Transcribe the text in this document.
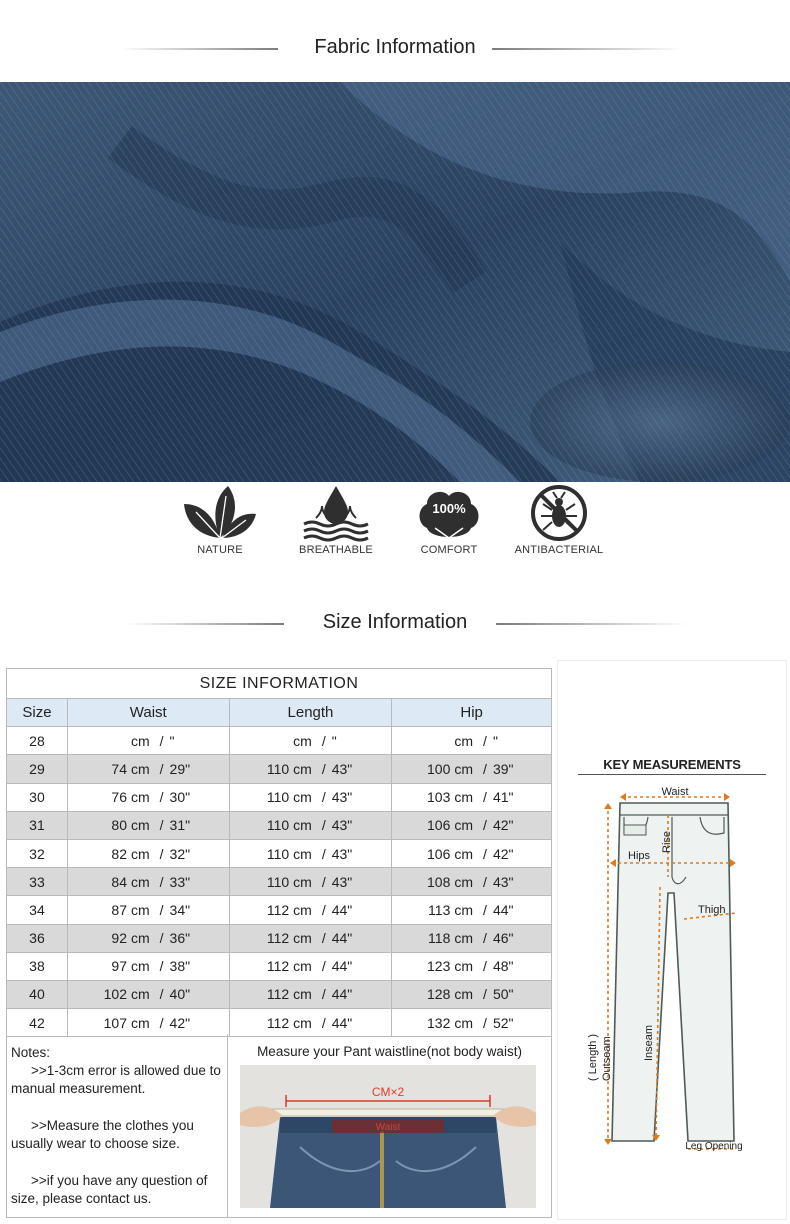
Fabric Information
NATURE	BREATHABLE
100%
COMFORT	ANTIBACTERIAL
Size Information
SIZE INFORMATION			
Size	Waist	Length	Hip
28	cm / "	cm / "	cm / "
29	74 cm / 29"	110 cm / 43"	100 cm / 39"
30	76 cm / 30"	110 cm / 43"	103 cm / 41"
31	80 cm / 31"	110 cm / 43"	106 cm / 42"
32	82 cm / 32"	110 cm / 43"	106 cm / 42"
33	84 cm / 33"	110 cm / 43"	108 cm / 43"
34	87 cm / 34"	112 cm / 44"	113 cm / 44"
36	92 cm / 36"	112 cm / 44"	118 cm / 46"
38	97 cm / 38"	112 cm / 44"	123 cm / 48"
40	102 cm / 40"	112 cm / 44"	128 cm / 50"
42	107 cm / 42"	112 cm / 44"	132 cm / 52"

Notes:

>>1-3cm error is allowed due to manual measurement.

>>Measure the clothes you usually wear to choose size.

>>if you have any question of size, please contact us.

Measure your Pant waistline(not body waist)
Waist
CM×2
KEY MEASUREMENTS
Waist
Rise
Hips
Thigh
( Length ) Outseam	Inseam
Leg Opening
